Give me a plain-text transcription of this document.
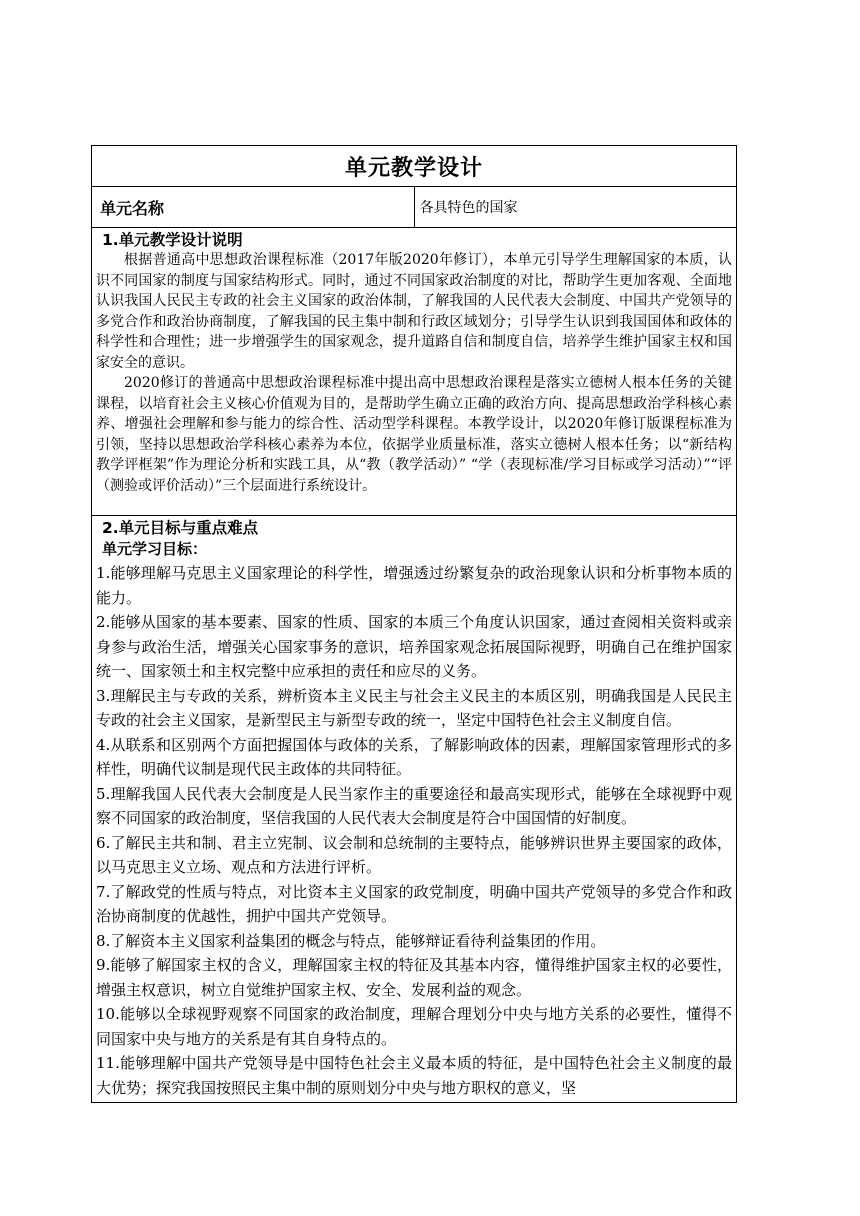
单元教学设计
单元名称	各具特色的国家

1.单元教学设计说明

根据普通高中思想政治课程标准（2017年版2020年修订），本单元引导学生理解国家的本质，认识不同国家的制度与国家结构形式。同时，通过不同国家政治制度的对比，帮助学生更加客观、全面地认识我国人民民主专政的社会主义国家的政治体制，了解我国的人民代表大会制度、中国共产党领导的多党合作和政治协商制度，了解我国的民主集中制和行政区域划分；引导学生认识到我国国体和政体的科学性和合理性；进一步增强学生的国家观念，提升道路自信和制度自信，培养学生维护国家主权和国家安全的意识。

2020修订的普通高中思想政治课程标准中提出高中思想政治课程是落实立德树人根本任务的关键课程，以培育社会主义核心价值观为目的，是帮助学生确立正确的政治方向、提高思想政治学科核心素养、增强社会理解和参与能力的综合性、活动型学科课程。本教学设计，以2020年修订版课程标准为引领，坚持以思想政治学科核心素养为本位，依据学业质量标准，落实立德树人根本任务；以“新结构教学评框架”作为理论分析和实践工具，从“教（教学活动）” “学（表现标准/学习目标或学习活动）”“评（测验或评价活动）”三个层面进行系统设计。

2.单元目标与重点难点
单元学习目标：

1.能够理解马克思主义国家理论的科学性，增强透过纷繁复杂的政治现象认识和分析事物本质的能力。

2.能够从国家的基本要素、国家的性质、国家的本质三个角度认识国家，通过查阅相关资料或亲身参与政治生活，增强关心国家事务的意识，培养国家观念拓展国际视野，明确自己在维护国家统一、国家领土和主权完整中应承担的责任和应尽的义务。

3.理解民主与专政的关系，辨析资本主义民主与社会主义民主的本质区别，明确我国是人民民主专政的社会主义国家，是新型民主与新型专政的统一，坚定中国特色社会主义制度自信。

4.从联系和区别两个方面把握国体与政体的关系，了解影响政体的因素，理解国家管理形式的多样性，明确代议制是现代民主政体的共同特征。

5.理解我国人民代表大会制度是人民当家作主的重要途径和最高实现形式，能够在全球视野中观察不同国家的政治制度，坚信我国的人民代表大会制度是符合中国国情的好制度。

6.了解民主共和制、君主立宪制、议会制和总统制的主要特点，能够辨识世界主要国家的政体，以马克思主义立场、观点和方法进行评析。

7.了解政党的性质与特点，对比资本主义国家的政党制度，明确中国共产党领导的多党合作和政治协商制度的优越性，拥护中国共产党领导。

8.了解资本主义国家利益集团的概念与特点，能够辩证看待利益集团的作用。

9.能够了解国家主权的含义，理解国家主权的特征及其基本内容，懂得维护国家主权的必要性，增强主权意识，树立自觉维护国家主权、安全、发展利益的观念。

10.能够以全球视野观察不同国家的政治制度，理解合理划分中央与地方关系的必要性，懂得不同国家中央与地方的关系是有其自身特点的。

11.能够理解中国共产党领导是中国特色社会主义最本质的特征，是中国特色社会主义制度的最大优势；探究我国按照民主集中制的原则划分中央与地方职权的意义，坚
